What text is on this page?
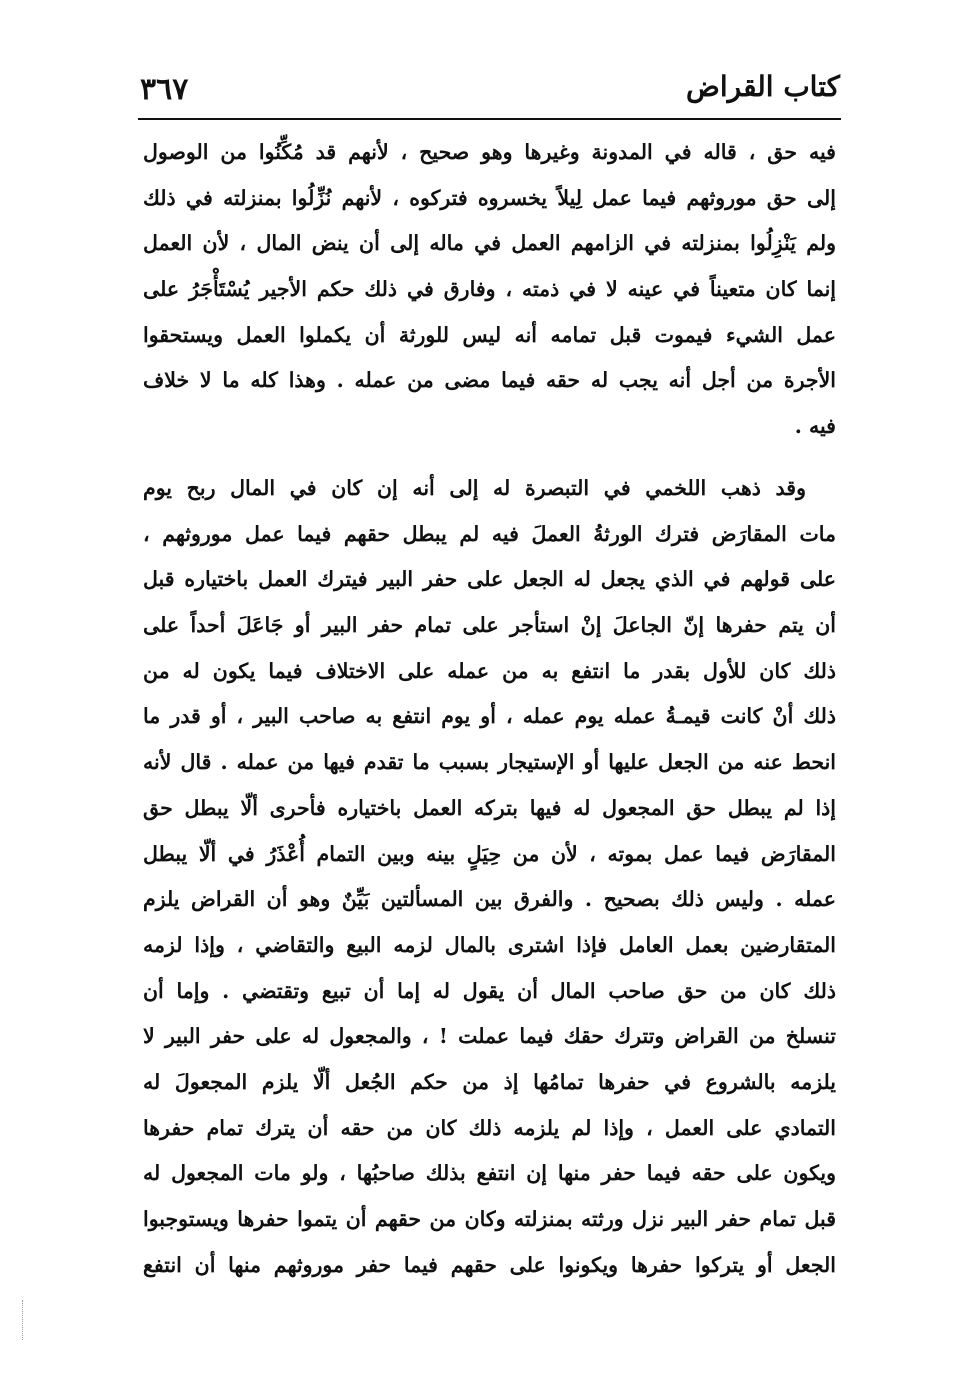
٣٦٧	كتاب القراض
فيه حق ، قاله في المدونة وغيرها وهو صحيح ، لأنهم قد مُكِّنُوا من الوصول
إلى حق موروثهم فيما عمل لِيلاً يخسروه فتركوه ، لأنهم نُزِّلُوا بمنزلته في ذلك
ولم يَنْزِلُوا بمنزلته في الزامهم العمل في ماله إلى أن ينض المال ، لأن العمل
إنما كان متعيناً في عينه لا في ذمته ، وفارق في ذلك حكم الأجير يُسْتَأْجَرُ على
عمل الشيء فيموت قبل تمامه أنه ليس للورثة أن يكملوا العمل ويستحقوا
الأجرة من أجل أنه يجب له حقه فيما مضى من عمله . وهذا كله ما لا خلاف
فيه .
وقد ذهب اللخمي في التبصرة له إلى أنه إن كان في المال ربح يوم
مات المقارَض فترك الورثةُ العملَ فيه لم يبطل حقهم فيما عمل موروثهم ،
على قولهم في الذي يجعل له الجعل على حفر البير فيترك العمل باختياره قبل
أن يتم حفرها إنّ الجاعلَ إنْ استأجر على تمام حفر البير أو جَاعَلَ أحداً على
ذلك كان للأول بقدر ما انتفع به من عمله على الاختلاف فيما يكون له من
ذلك أنْ كانت قيمـةُ عمله يوم عمله ، أو يوم انتفع به صاحب البير ، أو قدر ما
انحط عنه من الجعل عليها أو الإستيجار بسبب ما تقدم فيها من عمله . قال لأنه
إذا لم يبطل حق المجعول له فيها بتركه العمل باختياره فأحرى ألّا يبطل حق
المقارَض فيما عمل بموته ، لأن من حِيَلٍ بينه وبين التمام أُعْذَرُ في ألّا يبطل
عمله . وليس ذلك بصحيح . والفرق بين المسألتين بَيِّنٌ وهو أن القراض يلزم
المتقارضين بعمل العامل فإذا اشترى بالمال لزمه البيع والتقاضي ، وإذا لزمه
ذلك كان من حق صاحب المال أن يقول له إما أن تبيع وتقتضي . وإما أن
تنسلخ من القراض وتترك حقك فيما عملت ! ، والمجعول له على حفر البير لا
يلزمه بالشروع في حفرها تمامُها إذ من حكم الجُعل ألّا يلزم المجعولَ له
التمادي على العمل ، وإذا لم يلزمه ذلك كان من حقه أن يترك تمام حفرها
ويكون على حقه فيما حفر منها إن انتفع بذلك صاحبُها ، ولو مات المجعول له
قبل تمام حفر البير نزل ورثته بمنزلته وكان من حقهم أن يتموا حفرها ويستوجبوا
الجعل أو يتركوا حفرها ويكونوا على حقهم فيما حفر موروثهم منها أن انتفع
